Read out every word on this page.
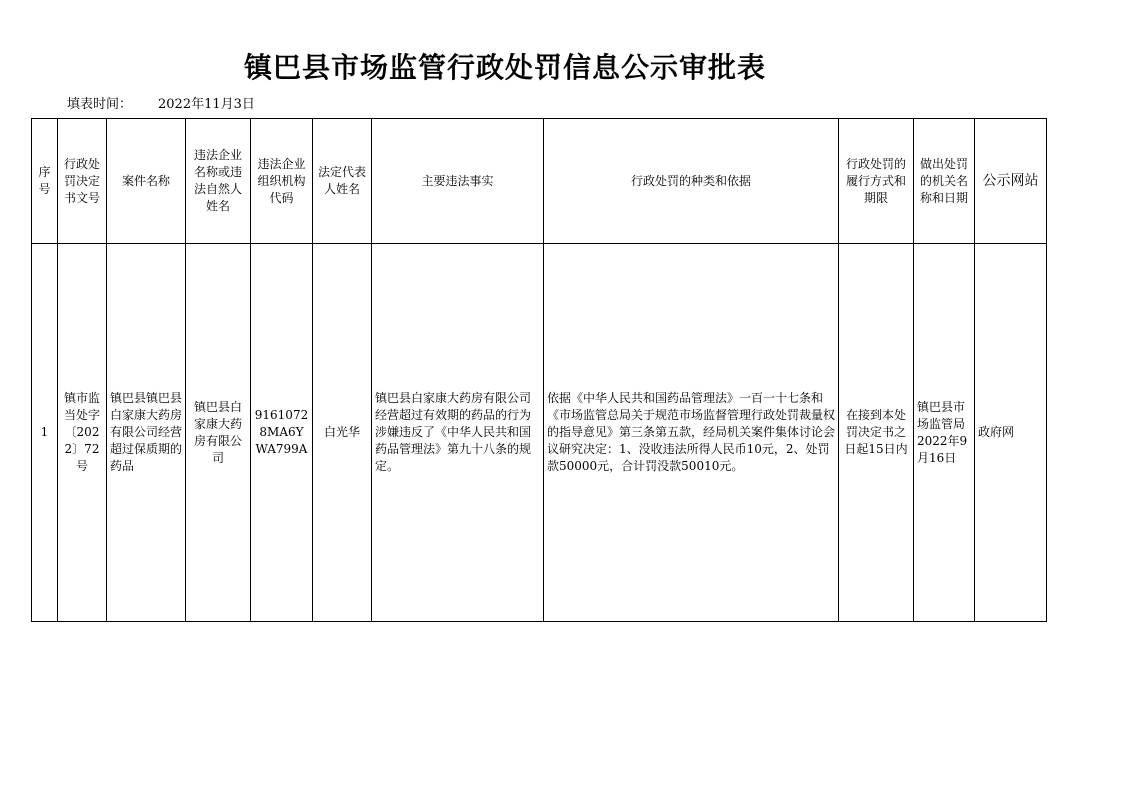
镇巴县市场监管行政处罚信息公示审批表
填表时间： 2022年11月3日
序号	行政处罚决定书文号	案件名称	违法企业名称或违法自然人姓名	违法企业组织机构代码	法定代表人姓名	主要违法事实	行政处罚的种类和依据	行政处罚的履行方式和期限	做出处罚的机关名称和日期	公示网站
1	镇市监当处字〔2022〕72号	镇巴县镇巴县白家康大药房有限公司经营超过保质期的药品	镇巴县白家康大药房有限公司	91610728MA6YWA799A	白光华	镇巴县白家康大药房有限公司经营超过有效期的药品的行为涉嫌违反了《中华人民共和国药品管理法》第九十八条的规定。	依据《中华人民共和国药品管理法》一百一十七条和《市场监管总局关于规范市场监督管理行政处罚裁量权的指导意见》第三条第五款，经局机关案件集体讨论会议研究决定：1、没收违法所得人民币10元，2、处罚款50000元，合计罚没款50010元。	在接到本处罚决定书之日起15日内	镇巴县市场监管局2022年9月16日	政府网
